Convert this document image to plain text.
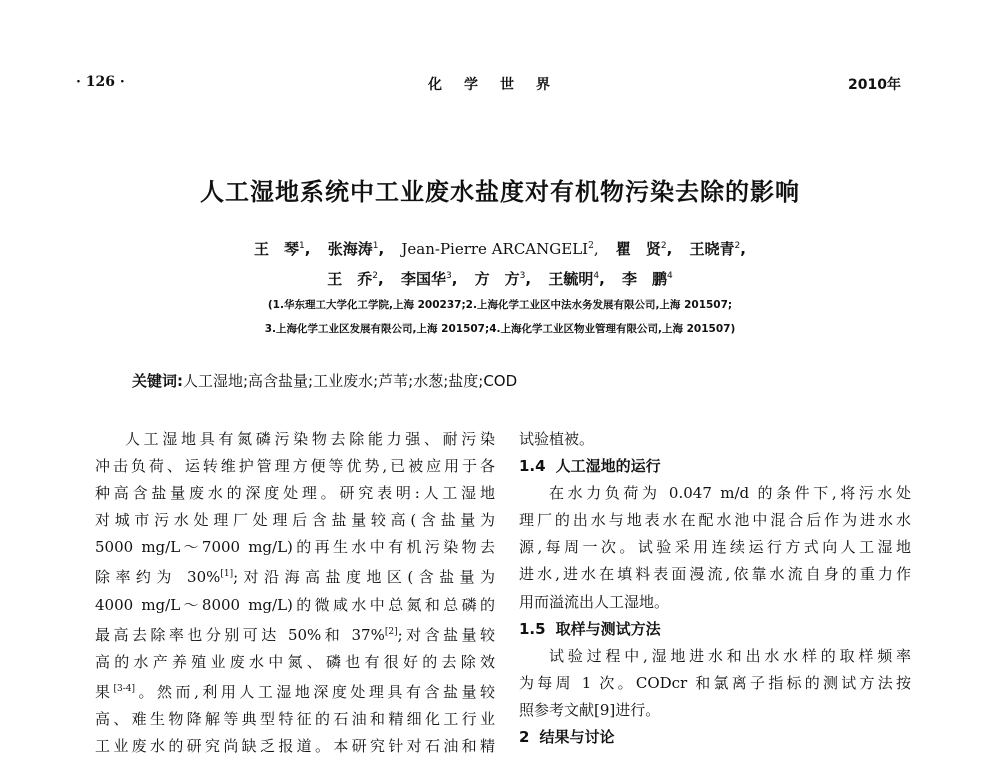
· 126 ·	化学世界	2010年
人工湿地系统中工业废水盐度对有机物污染去除的影响
王　琴$^1$, 张海涛$^1$, Jean-Pierre ARCANGELI$^2$, 瞿　贤$^2$, 王晓青$^2$,
王　乔$^2$, 李国华$^3$, 方　方$^3$, 王毓明$^4$, 李　鹏$^4$
(1.华东理工大学化工学院,上海 200237;2.上海化学工业区中法水务发展有限公司,上海 201507;
3.上海化学工业区发展有限公司,上海 201507;4.上海化学工业区物业管理有限公司,上海 201507)
关键词:人工湿地;高含盐量;工业废水;芦苇;水葱;盐度;COD

人工湿地具有氮磷污染物去除能力强、耐污染

冲击负荷、运转维护管理方便等优势,已被应用于各

种高含盐量废水的深度处理。研究表明:人工湿地

对城市污水处理厂处理后含盐量较高(含盐量为

5000 mg/L～7000 mg/L)的再生水中有机污染物去

除率约为 30%[1];对沿海高盐度地区(含盐量为

4000 mg/L～8000 mg/L)的微咸水中总氮和总磷的

最高去除率也分别可达 50%和 37%[2];对含盐量较

高的水产养殖业废水中氮、磷也有很好的去除效

果[3-4]。然而,利用人工湿地深度处理具有含盐量较

高、难生物降解等典型特征的石油和精细化工行业

工业废水的研究尚缺乏报道。本研究针对石油和精

试验植被。

1.4 人工湿地的运行

在水力负荷为 0.047 m/d 的条件下,将污水处

理厂的出水与地表水在配水池中混合后作为进水水

源,每周一次。试验采用连续运行方式向人工湿地

进水,进水在填料表面漫流,依靠水流自身的重力作

用而溢流出人工湿地。

1.5 取样与测试方法

试验过程中,湿地进水和出水水样的取样频率

为每周 1 次。CODcr 和氯离子指标的测试方法按

照参考文献[9]进行。

2 结果与讨论
